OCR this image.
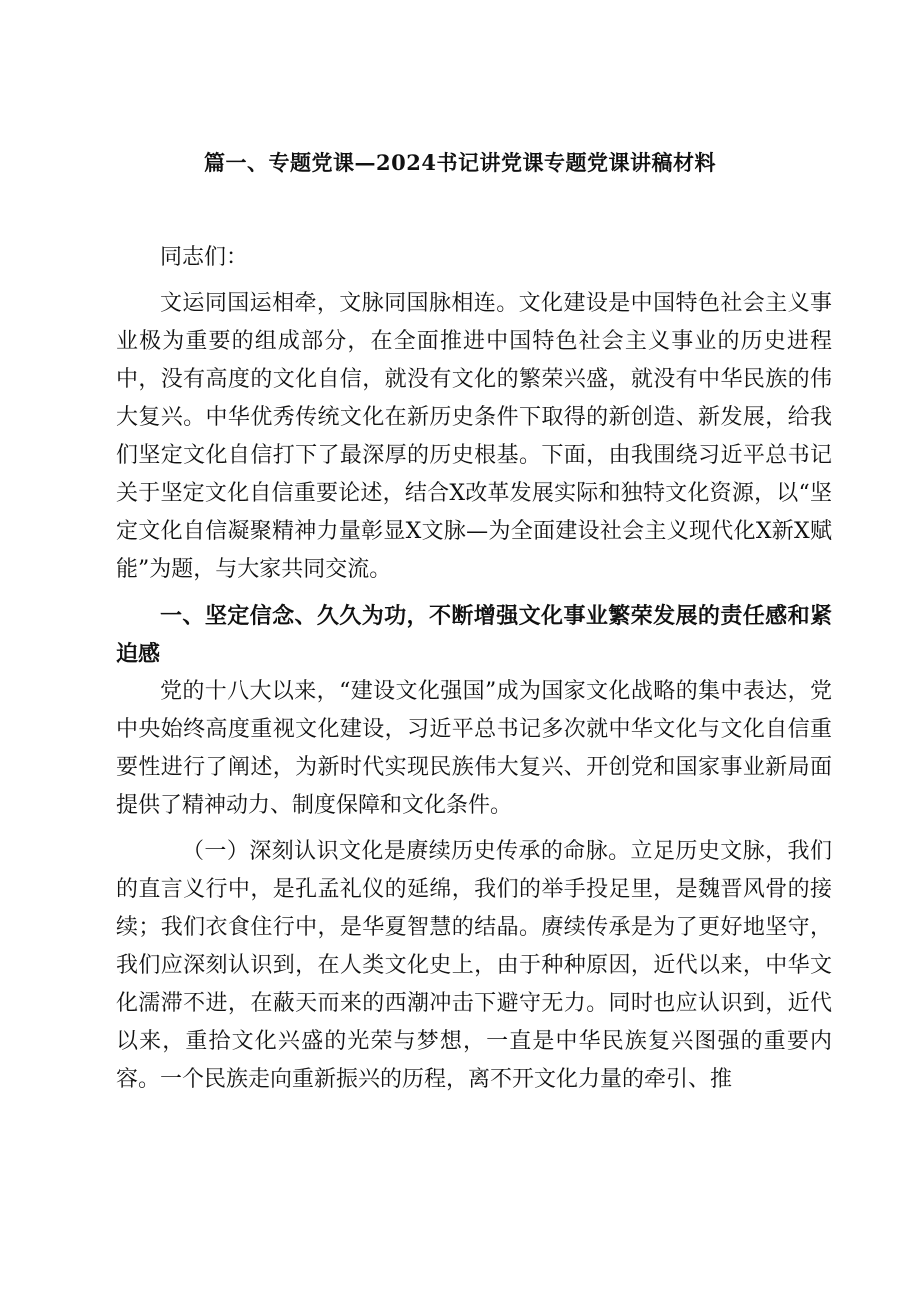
篇一、专题党课—2024书记讲党课专题党课讲稿材料

同志们：

文运同国运相牵，文脉同国脉相连。文化建设是中国特色社会主义事业极为重要的组成部分，在全面推进中国特色社会主义事业的历史进程中，没有高度的文化自信，就没有文化的繁荣兴盛，就没有中华民族的伟大复兴。中华优秀传统文化在新历史条件下取得的新创造、新发展，给我们坚定文化自信打下了最深厚的历史根基。下面，由我围绕习近平总书记关于坚定文化自信重要论述，结合X改革发展实际和独特文化资源，以“坚定文化自信凝聚精神力量彰显X文脉—为全面建设社会主义现代化X新X赋能”为题，与大家共同交流。

一、坚定信念、久久为功，不断增强文化事业繁荣发展的责任感和紧迫感

党的十八大以来，“建设文化强国”成为国家文化战略的集中表达，党中央始终高度重视文化建设，习近平总书记多次就中华文化与文化自信重要性进行了阐述，为新时代实现民族伟大复兴、开创党和国家事业新局面提供了精神动力、制度保障和文化条件。

（一）深刻认识文化是赓续历史传承的命脉。立足历史文脉，我们的直言义行中，是孔孟礼仪的延绵，我们的举手投足里，是魏晋风骨的接续；我们衣食住行中，是华夏智慧的结晶。赓续传承是为了更好地坚守，我们应深刻认识到，在人类文化史上，由于种种原因，近代以来，中华文化濡滞不进，在蔽天而来的西潮冲击下避守无力。同时也应认识到，近代以来，重拾文化兴盛的光荣与梦想，一直是中华民族复兴图强的重要内容。一个民族走向重新振兴的历程，离不开文化力量的牵引、推
